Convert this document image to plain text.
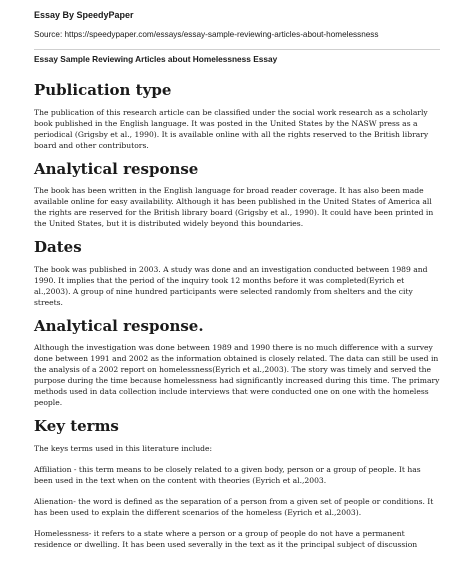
Essay By SpeedyPaper
Source: https://speedypaper.com/essays/essay-sample-reviewing-articles-about-homelessness
Essay Sample Reviewing Articles about Homelessness Essay
Publication type

The publication of this research article can be classified under the social work research as a scholarly book published in the English language. It was posted in the United States by the NASW press as a periodical (Grigsby et al., 1990). It is available online with all the rights reserved to the British library board and other contributors.

Analytical response

The book has been written in the English language for broad reader coverage. It has also been made available online for easy availability. Although it has been published in the United States of America all the rights are reserved for the British library board (Grigsby et al., 1990). It could have been printed in the United States, but it is distributed widely beyond this boundaries.

Dates

The book was published in 2003. A study was done and an investigation conducted between 1989 and 1990. It implies that the period of the inquiry took 12 months before it was completed(Eyrich et al.,2003). A group of nine hundred participants were selected randomly from shelters and the city streets.

Analytical response.

Although the investigation was done between 1989 and 1990 there is no much difference with a survey done between 1991 and 2002 as the information obtained is closely related. The data can still be used in the analysis of a 2002 report on homelessness(Eyrich et al.,2003). The story was timely and served the purpose during the time because homelessness had significantly increased during this time. The primary methods used in data collection include interviews that were conducted one on one with the homeless people.

Key terms

The keys terms used in this literature include:

Affiliation - this term means to be closely related to a given body, person or a group of people. It has been used in the text when on the content with theories (Eyrich et al.,2003.

Alienation- the word is defined as the separation of a person from a given set of people or conditions. It has been used to explain the different scenarios of the homeless (Eyrich et al.,2003).

Homelessness- it refers to a state where a person or a group of people do not have a permanent residence or dwelling. It has been used severally in the text as it the principal subject of discussion
